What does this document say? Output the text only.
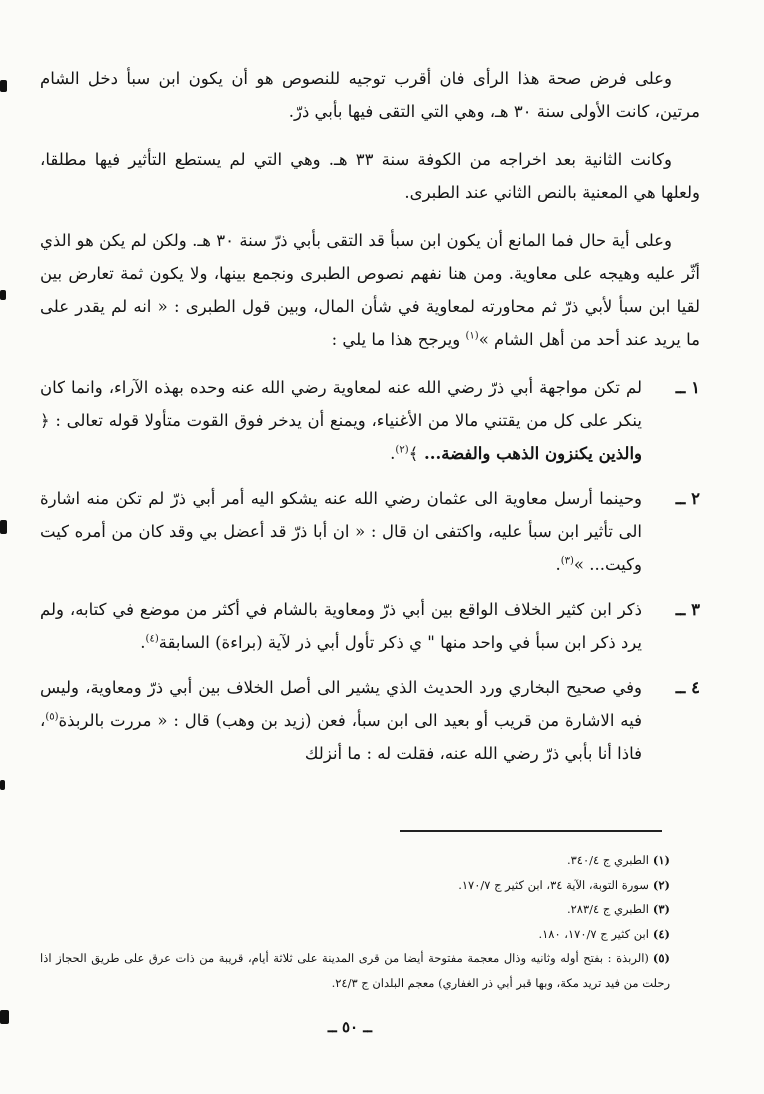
وعلى فرض صحة هذا الرأى فان أقرب توجيه للنصوص هو أن يكون ابن سبأ دخل الشام مرتين، كانت الأولى سنة ٣٠ هـ، وهي التي التقى فيها بأبي ذرّ.

وكانت الثانية بعد اخراجه من الكوفة سنة ٣٣ هـ. وهي التي لم يستطع التأثير فيها مطلقا، ولعلها هي المعنية بالنص الثاني عند الطبرى.

وعلى أية حال فما المانع أن يكون ابن سبأ قد التقى بأبي ذرّ سنة ٣٠ هـ. ولكن لم يكن هو الذي أثّر عليه وهيجه على معاوية. ومن هنا نفهم نصوص الطبرى ونجمع بينها، ولا يكون ثمة تعارض بين لقيا ابن سبأ لأبي ذرّ ثم محاورته لمعاوية في شأن المال، وبين قول الطبرى : « انه لم يقدر على ما يريد عند أحد من أهل الشام »$^{(١)}$ ويرجح هذا ما يلي :

١ ــ
لم تكن مواجهة أبي ذرّ رضي الله عنه لمعاوية رضي الله عنه وحده بهذه الآراء، وانما كان ينكر على كل من يقتني مالا من الأغنياء، ويمنع أن يدخر فوق القوت متأولا قوله تعالى : ﴿ والذين يكنزون الذهب والفضة... ﴾$^{(٢)}$.
٢ ــ
وحينما أرسل معاوية الى عثمان رضي الله عنه يشكو اليه أمر أبي ذرّ لم تكن منه اشارة الى تأثير ابن سبأ عليه، واكتفى ان قال : « ان أبا ذرّ قد أعضل بي وقد كان من أمره كيت وكيت... »$^{(٣)}$.
٣ ــ
ذكر ابن كثير الخلاف الواقع بين أبي ذرّ ومعاوية بالشام في أكثر من موضع في كتابه، ولم يرد ذكر ابن سبأ في واحد منها " ي ذكر تأول أبي ذر لآية (براءة) السابقة$^{(٤)}$.
٤ ــ
وفي صحيح البخاري ورد الحديث الذي يشير الى أصل الخلاف بين أبي ذرّ ومعاوية، وليس فيه الاشارة من قريب أو بعيد الى ابن سبأ، فعن (زيد بن وهب) قال : « مررت بالربذة$^{(٥)}$، فاذا أنا بأبي ذرّ رضي الله عنه، فقلت له : ما أنزلك

(١)الطبري ج ٣٤٠/٤.

(٢)سورة التوبة، الآية ٣٤، ابن كثير ج ١٧٠/٧.

(٣)الطبري ج ٢٨٣/٤.

(٤)ابن كثير ج ١٧٠/٧، ١٨٠.

(٥)(الربذة : بفتح أوله وثانيه وذال معجمة مفتوحة أيضا من قرى المدينة على ثلاثة أيام، قريبة من ذات عرق على طريق الحجاز اذا رحلت من فيد تريد مكة، وبها قبر أبي ذر الغفاري) معجم البلدان ج ٢٤/٣.

ــ ٥٠ ــ
